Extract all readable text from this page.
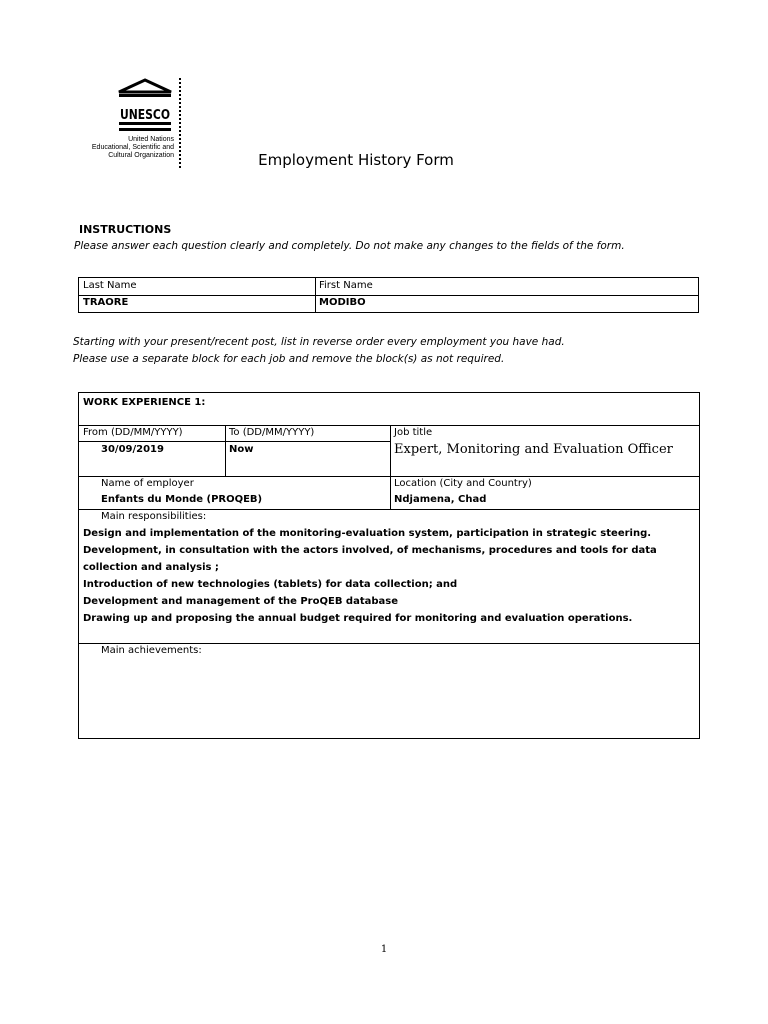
UNESCO
United Nations
Educational, Scientific and
Cultural Organization	Employment History Form
INSTRUCTIONS
Please answer each question clearly and completely. Do not make any changes to the fields of the form.
Last Name	First Name
TRAORE	MODIBO
Starting with your present/recent post, list in reverse order every employment you have had.
Please use a separate block for each job and remove the block(s) as not required.
WORK EXPERIENCE 1:
From (DD/MM/YYYY)	To (DD/MM/YYYY)	Job title
30/09/2019	Now	Expert, Monitoring and Evaluation Officer
Name of employer	Location (City and Country)
Enfants du Monde (PROQEB)	Ndjamena, Chad
Main responsibilities:
Design and implementation of the monitoring-evaluation system, participation in strategic steering.
Development, in consultation with the actors involved, of mechanisms, procedures and tools for data
collection and analysis ;
Introduction of new technologies (tablets) for data collection; and
Development and management of the ProQEB database
Drawing up and proposing the annual budget required for monitoring and evaluation operations.
Main achievements:
1
